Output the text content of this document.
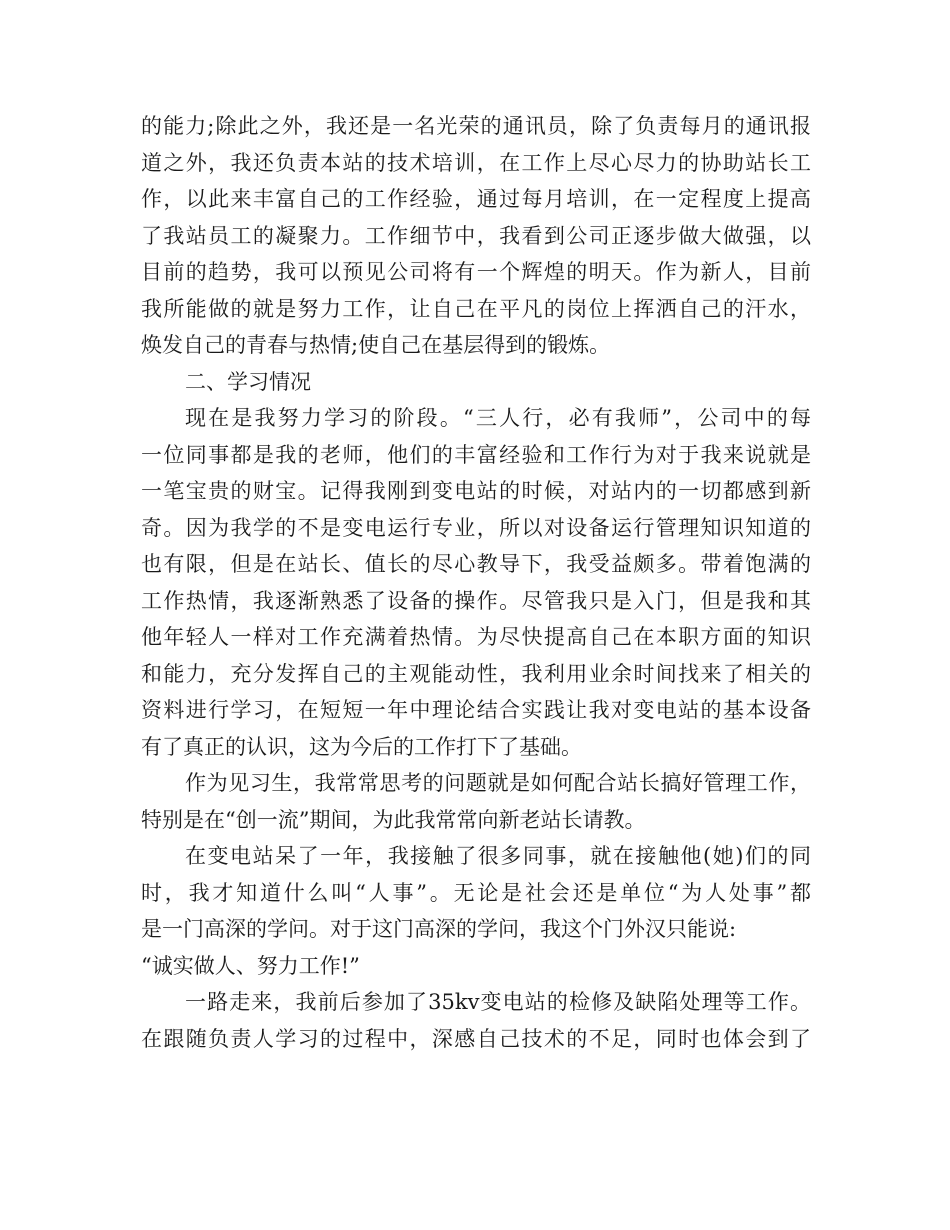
的能力;除此之外，我还是一名光荣的通讯员，除了负责每月的通讯报
道之外，我还负责本站的技术培训，在工作上尽心尽力的协助站长工
作，以此来丰富自己的工作经验，通过每月培训，在一定程度上提高
了我站员工的凝聚力。工作细节中，我看到公司正逐步做大做强，以
目前的趋势，我可以预见公司将有一个辉煌的明天。作为新人，目前
我所能做的就是努力工作，让自己在平凡的岗位上挥洒自己的汗水，
焕发自己的青春与热情;使自己在基层得到的锻炼。
二、学习情况
现在是我努力学习的阶段。“三人行，必有我师”，公司中的每
一位同事都是我的老师，他们的丰富经验和工作行为对于我来说就是
一笔宝贵的财宝。记得我刚到变电站的时候，对站内的一切都感到新
奇。因为我学的不是变电运行专业，所以对设备运行管理知识知道的
也有限，但是在站长、值长的尽心教导下，我受益颇多。带着饱满的
工作热情，我逐渐熟悉了设备的操作。尽管我只是入门，但是我和其
他年轻人一样对工作充满着热情。为尽快提高自己在本职方面的知识
和能力，充分发挥自己的主观能动性，我利用业余时间找来了相关的
资料进行学习，在短短一年中理论结合实践让我对变电站的基本设备
有了真正的认识，这为今后的工作打下了基础。
作为见习生，我常常思考的问题就是如何配合站长搞好管理工作，
特别是在“创一流”期间，为此我常常向新老站长请教。
在变电站呆了一年，我接触了很多同事，就在接触他(她)们的同
时，我才知道什么叫“人事”。无论是社会还是单位“为人处事”都
是一门高深的学问。对于这门高深的学问，我这个门外汉只能说:
“诚实做人、努力工作!”
一路走来，我前后参加了35kv变电站的检修及缺陷处理等工作。
在跟随负责人学习的过程中，深感自己技术的不足，同时也体会到了
